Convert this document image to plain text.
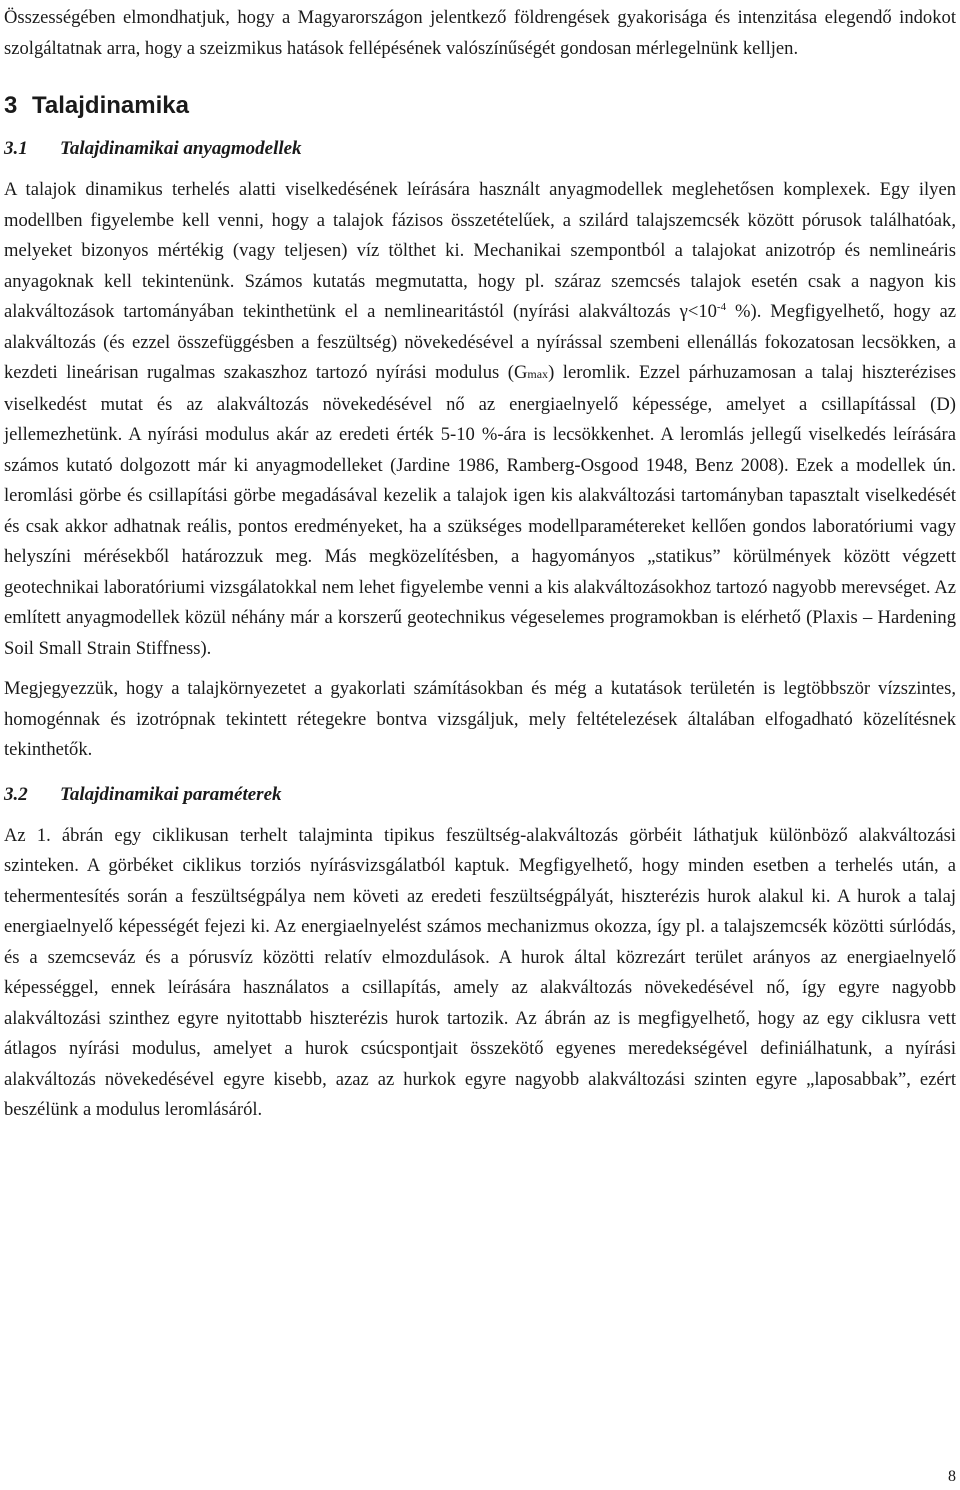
Összességében elmondhatjuk, hogy a Magyarországon jelentkező földrengések gyakorisága és intenzitása elegendő indokot szolgáltatnak arra, hogy a szeizmikus hatások fellépésének valószínűségét gondosan mérlegelnünk kelljen.

3 Talajdinamika
3.1 Talajdinamikai anyagmodellek

A talajok dinamikus terhelés alatti viselkedésének leírására használt anyagmodellek meglehetősen komplexek. Egy ilyen modellben figyelembe kell venni, hogy a talajok fázisos összetételűek, a szilárd talajszemcsék között pórusok találhatóak, melyeket bizonyos mértékig (vagy teljesen) víz tölthet ki. Mechanikai szempontból a talajokat anizotróp és nemlineáris anyagoknak kell tekintenünk. Számos kutatás megmutatta, hogy pl. száraz szemcsés talajok esetén csak a nagyon kis alakváltozások tartományában tekinthetünk el a nemlinearitástól (nyírási alakváltozás $\gamma<10^{-4}$ %). Megfigyelhető, hogy az alakváltozás (és ezzel összefüggésben a feszültség) növekedésével a nyírással szembeni ellenállás fokozatosan lecsökken, a kezdeti lineárisan rugalmas szakaszhoz tartozó nyírási modulus (Gmax) leromlik. Ezzel párhuzamosan a talaj hiszterézises viselkedést mutat és az alakváltozás növekedésével nő az energiaelnyelő képessége, amelyet a csillapítással (D) jellemezhetünk. A nyírási modulus akár az eredeti érték 5-10 %-ára is lecsökkenhet. A leromlás jellegű viselkedés leírására számos kutató dolgozott már ki anyagmodelleket (Jardine 1986, Ramberg-Osgood 1948, Benz 2008). Ezek a modellek ún. leromlási görbe és csillapítási görbe megadásával kezelik a talajok igen kis alakváltozási tartományban tapasztalt viselkedését és csak akkor adhatnak reális, pontos eredményeket, ha a szükséges modellparamétereket kellően gondos laboratóriumi vagy helyszíni mérésekből határozzuk meg. Más megközelítésben, a hagyományos „statikus” körülmények között végzett geotechnikai laboratóriumi vizsgálatokkal nem lehet figyelembe venni a kis alakváltozásokhoz tartozó nagyobb merevséget. Az említett anyagmodellek közül néhány már a korszerű geotechnikus végeselemes programokban is elérhető (Plaxis – Hardening Soil Small Strain Stiffness).

Megjegyezzük, hogy a talajkörnyezetet a gyakorlati számításokban és még a kutatások területén is legtöbbször vízszintes, homogénnak és izotrópnak tekintett rétegekre bontva vizsgáljuk, mely feltételezések általában elfogadható közelítésnek tekinthetők.

3.2 Talajdinamikai paraméterek

Az 1. ábrán egy ciklikusan terhelt talajminta tipikus feszültség-alakváltozás görbéit láthatjuk különböző alakváltozási szinteken. A görbéket ciklikus torziós nyírásvizsgálatból kaptuk. Megfigyelhető, hogy minden esetben a terhelés után, a tehermentesítés során a feszültségpálya nem követi az eredeti feszültségpályát, hiszterézis hurok alakul ki. A hurok a talaj energiaelnyelő képességét fejezi ki. Az energiaelnyelést számos mechanizmus okozza, így pl. a talajszemcsék közötti súrlódás, és a szemcseváz és a pórusvíz közötti relatív elmozdulások. A hurok által közrezárt terület arányos az energiaelnyelő képességgel, ennek leírására használatos a csillapítás, amely az alakváltozás növekedésével nő, így egyre nagyobb alakváltozási szinthez egyre nyitottabb hiszterézis hurok tartozik. Az ábrán az is megfigyelhető, hogy az egy ciklusra vett átlagos nyírási modulus, amelyet a hurok csúcspontjait összekötő egyenes meredekségével definiálhatunk, a nyírási alakváltozás növekedésével egyre kisebb, azaz az hurkok egyre nagyobb alakváltozási szinten egyre „laposabbak”, ezért beszélünk a modulus leromlásáról.

8
